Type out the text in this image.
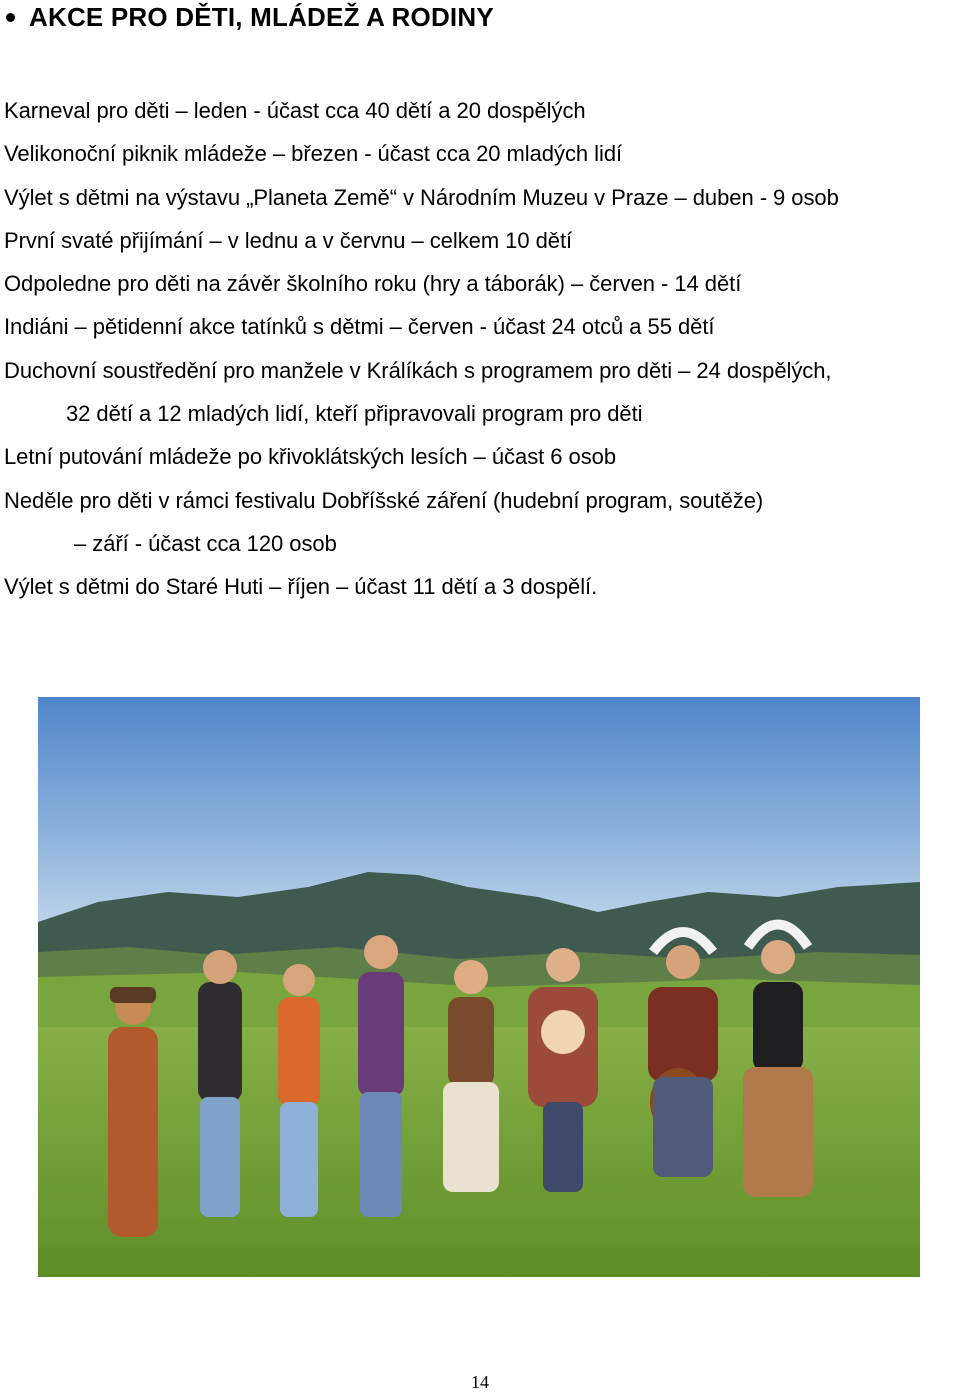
AKCE PRO DĚTI, MLÁDEŽ A RODINY
Karneval pro děti – leden - účast cca 40 dětí a 20 dospělých
Velikonoční piknik mládeže – březen - účast cca 20 mladých lidí
Výlet s dětmi na výstavu „Planeta Země“ v Národním Muzeu v Praze – duben - 9 osob
První svaté přijímání – v lednu a v červnu – celkem 10 dětí
Odpoledne pro děti na závěr školního roku (hry a táborák) – červen - 14 dětí
Indiáni – pětidenní akce tatínků s dětmi – červen - účast 24 otců a 55 dětí
Duchovní soustředění pro manžele v Králíkách s programem pro děti – 24 dospělých,
32 dětí a 12 mladých lidí, kteří připravovali program pro děti
Letní putování mládeže po křivoklátských lesích – účast 6 osob
Neděle pro děti v rámci festivalu Dobříšské záření (hudební program, soutěže)
– září - účast cca 120 osob
Výlet s dětmi do Staré Huti – říjen – účast 11 dětí a 3 dospělí.
14
